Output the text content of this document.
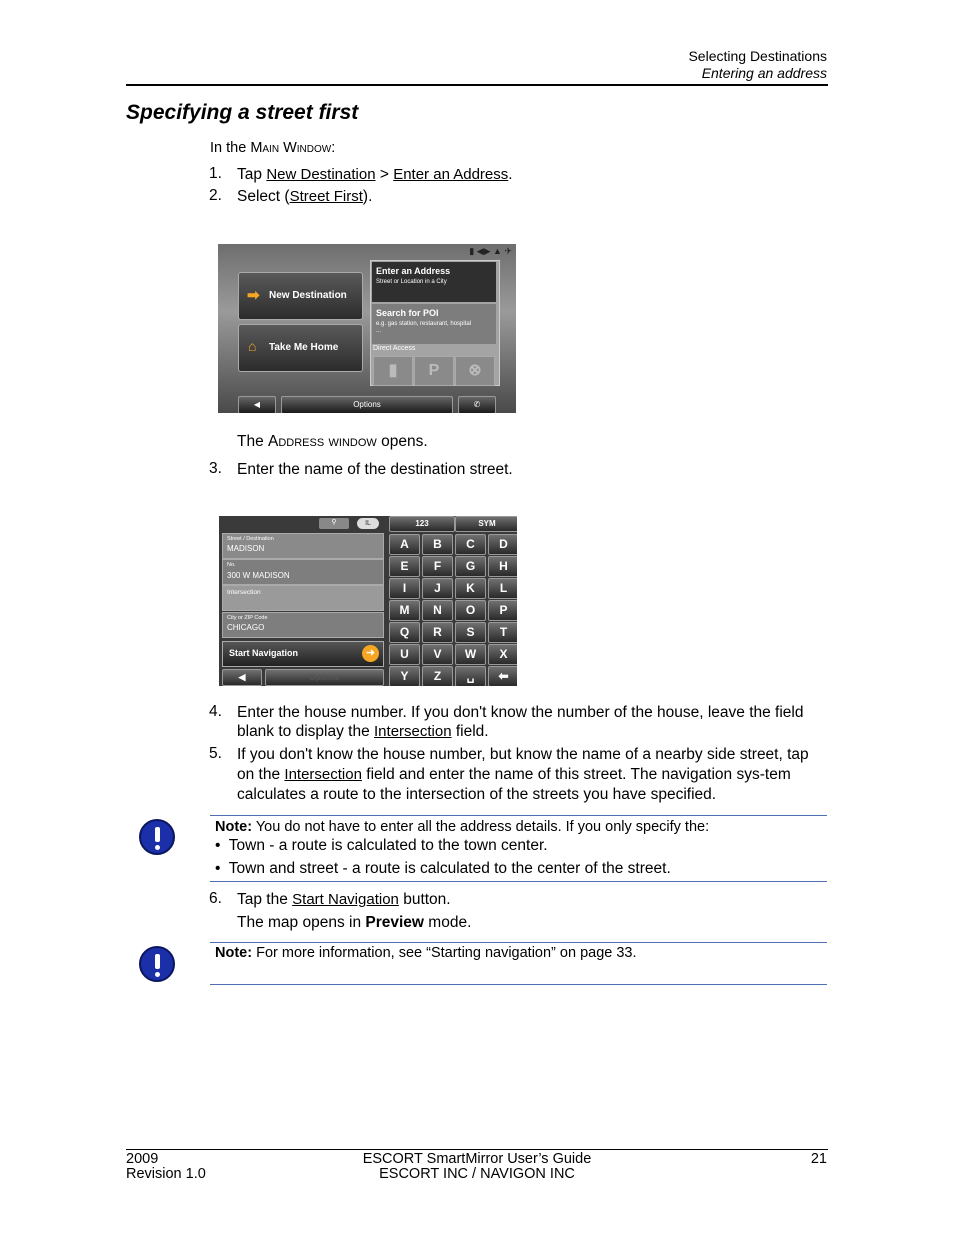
Selecting Destinations
Entering an address
Specifying a street first
In the Main Window:
1. Tap New Destination > Enter an Address.
2. Select (Street First).
▮ ◀▶ ▲ ✈
➡ New Destination
⌂ Take Me Home
Enter an Address
Street or Location in a City
Search for POI
e.g. gas station, restaurant, hospital
...
Direct Access
▮	P	⊗
◀	Options	✆
The Address window opens.
3. Enter the name of the destination street.
⚲	IL	123	SYM
Street / Destination
MADISON
No.
300 W MADISON
Intersection
City or ZIP Code
CHICAGO
Start Navigation	➜
◀	Options
A	B	C	D
E	F	G	H
I	J	K	L
M	N	O	P
Q	R	S	T
U	V	W	X
Y	Z	␣	⬅
4. Enter the house number. If you don't know the number of the house, leave the field blank to display the Intersection field.
5. If you don't know the house number, but know the name of a nearby side street, tap on the Intersection field and enter the name of this street. The navigation sys-tem calculates a route to the intersection of the streets you have specified.
Note: You do not have to enter all the address details. If you only specify the:
•  Town - a route is calculated to the town center.
•  Town and street - a route is calculated to the center of the street.
6. Tap the Start Navigation button.
The map opens in Preview mode.
Note: For more information, see “Starting navigation” on page 33.
2009
Revision 1.0
ESCORT SmartMirror User’s Guide
ESCORT INC / NAVIGON INC
21
